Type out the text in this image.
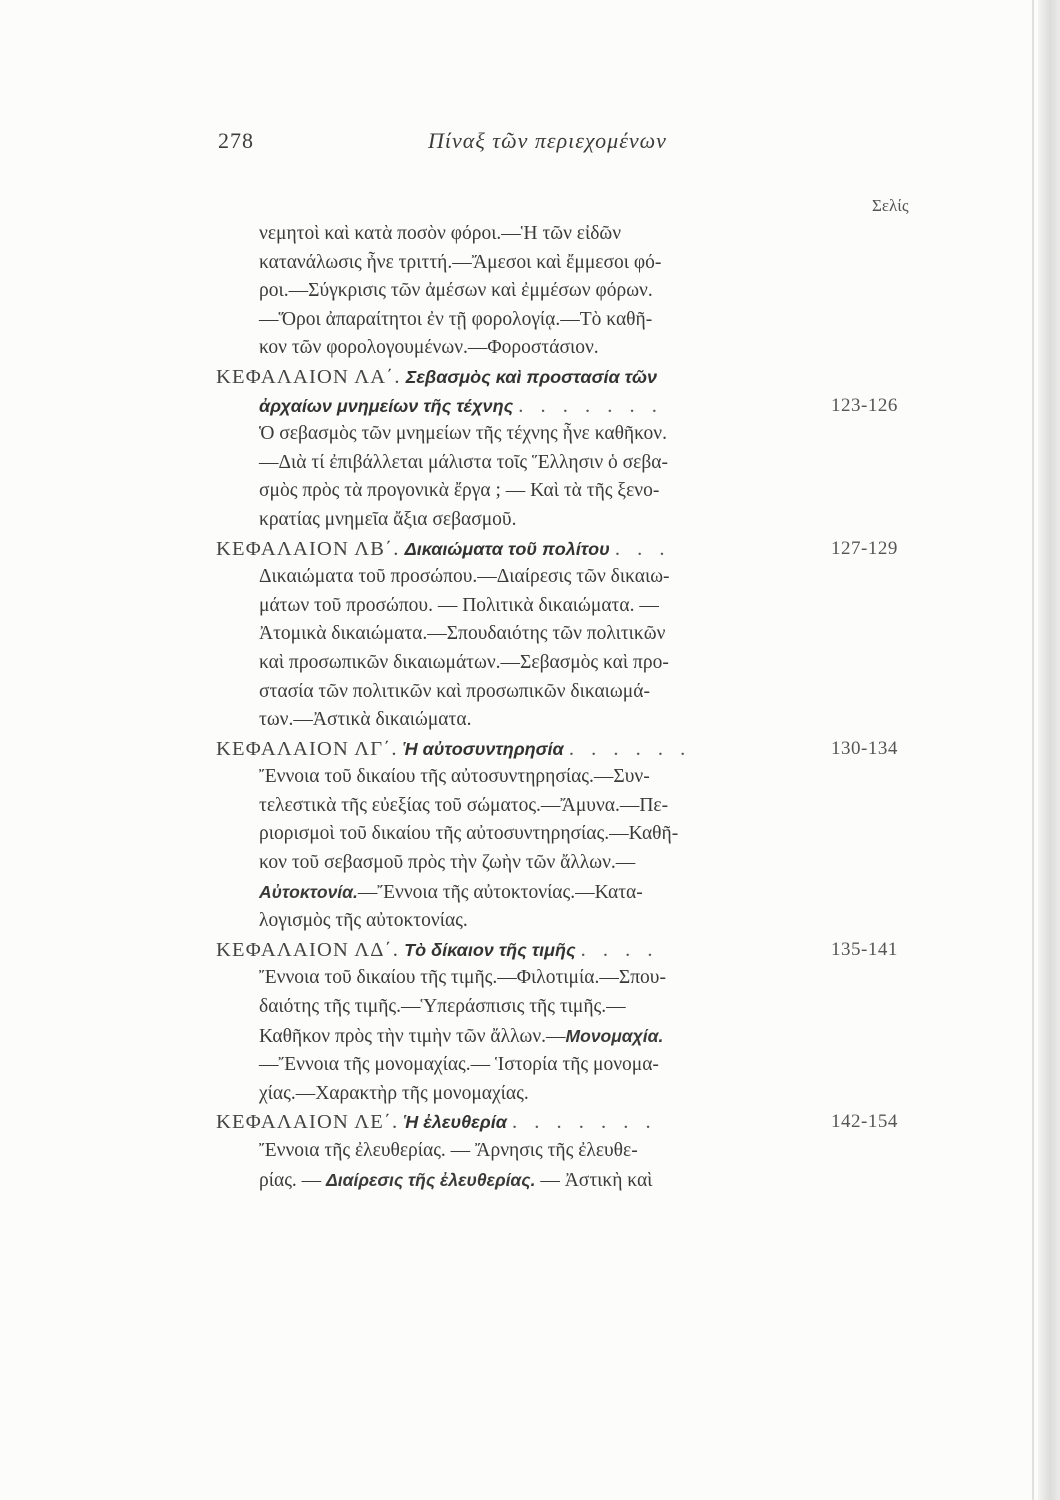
278	Πίναξ τῶν περιεχομένων
Σελίς
νεμητοὶ καὶ κατὰ ποσὸν φόροι.—Ἡ τῶν εἰδῶν
κατανάλωσις ἦνε τριττή.—Ἄμεσοι καὶ ἔμμεσοι φό-
ροι.—Σύγκρισις τῶν ἀμέσων καὶ ἐμμέσων φόρων.
—Ὅροι ἀπαραίτητοι ἐν τῇ φορολογίᾳ.—Τὸ καθῆ-
κον τῶν φορολογουμένων.—Φοροστάσιον.
ΚΕΦΑΛΑΙΟΝ ΛΑ΄. Σεβασμὸς καὶ προστασία τῶν
ἀρχαίων μνημείων τῆς τέχνης . . . . . . .	123-126
Ὁ σεβασμὸς τῶν μνημείων τῆς τέχνης ἦνε καθῆκον.
—Διὰ τί ἐπιβάλλεται μάλιστα τοῖς Ἕλλησιν ὁ σεβα-
σμὸς πρὸς τὰ προγονικὰ ἔργα ; — Καὶ τὰ τῆς ξενο-
κρατίας μνημεῖα ἄξια σεβασμοῦ.
ΚΕΦΑΛΑΙΟΝ ΛΒ΄. Δικαιώματα τοῦ πολίτου . . .	127-129
Δικαιώματα τοῦ προσώπου.—Διαίρεσις τῶν δικαιω-
μάτων τοῦ προσώπου. — Πολιτικὰ δικαιώματα. —
Ἀτομικὰ δικαιώματα.—Σπουδαιότης τῶν πολιτικῶν
καὶ προσωπικῶν δικαιωμάτων.—Σεβασμὸς καὶ προ-
στασία τῶν πολιτικῶν καὶ προσωπικῶν δικαιωμά-
των.—Ἀστικὰ δικαιώματα.
ΚΕΦΑΛΑΙΟΝ ΛΓ΄. Ἡ αὐτοσυντηρησία . . . . . .	130-134
Ἔννοια τοῦ δικαίου τῆς αὐτοσυντηρησίας.—Συν-
τελεστικὰ τῆς εὐεξίας τοῦ σώματος.—Ἄμυνα.—Πε-
ριορισμοὶ τοῦ δικαίου τῆς αὐτοσυντηρησίας.—Καθῆ-
κον τοῦ σεβασμοῦ πρὸς τὴν ζωὴν τῶν ἄλλων.—
Αὐτοκτονία.—Ἔννοια τῆς αὐτοκτονίας.—Κατα-
λογισμὸς τῆς αὐτοκτονίας.
ΚΕΦΑΛΑΙΟΝ ΛΔ΄. Τὸ δίκαιον τῆς τιμῆς . . . .	135-141
Ἔννοια τοῦ δικαίου τῆς τιμῆς.—Φιλοτιμία.—Σπου-
δαιότης τῆς τιμῆς.—Ὑπεράσπισις τῆς τιμῆς.—
Καθῆκον πρὸς τὴν τιμὴν τῶν ἄλλων.—Μονομαχία.
—Ἔννοια τῆς μονομαχίας.— Ἱστορία τῆς μονομα-
χίας.—Χαρακτὴρ τῆς μονομαχίας.
ΚΕΦΑΛΑΙΟΝ ΛΕ΄. Ἡ ἐλευθερία . . . . . . .	142-154
Ἔννοια τῆς ἐλευθερίας. — Ἄρνησις τῆς ἐλευθε-
ρίας. — Διαίρεσις τῆς ἐλευθερίας. — Ἀστικὴ καὶ
